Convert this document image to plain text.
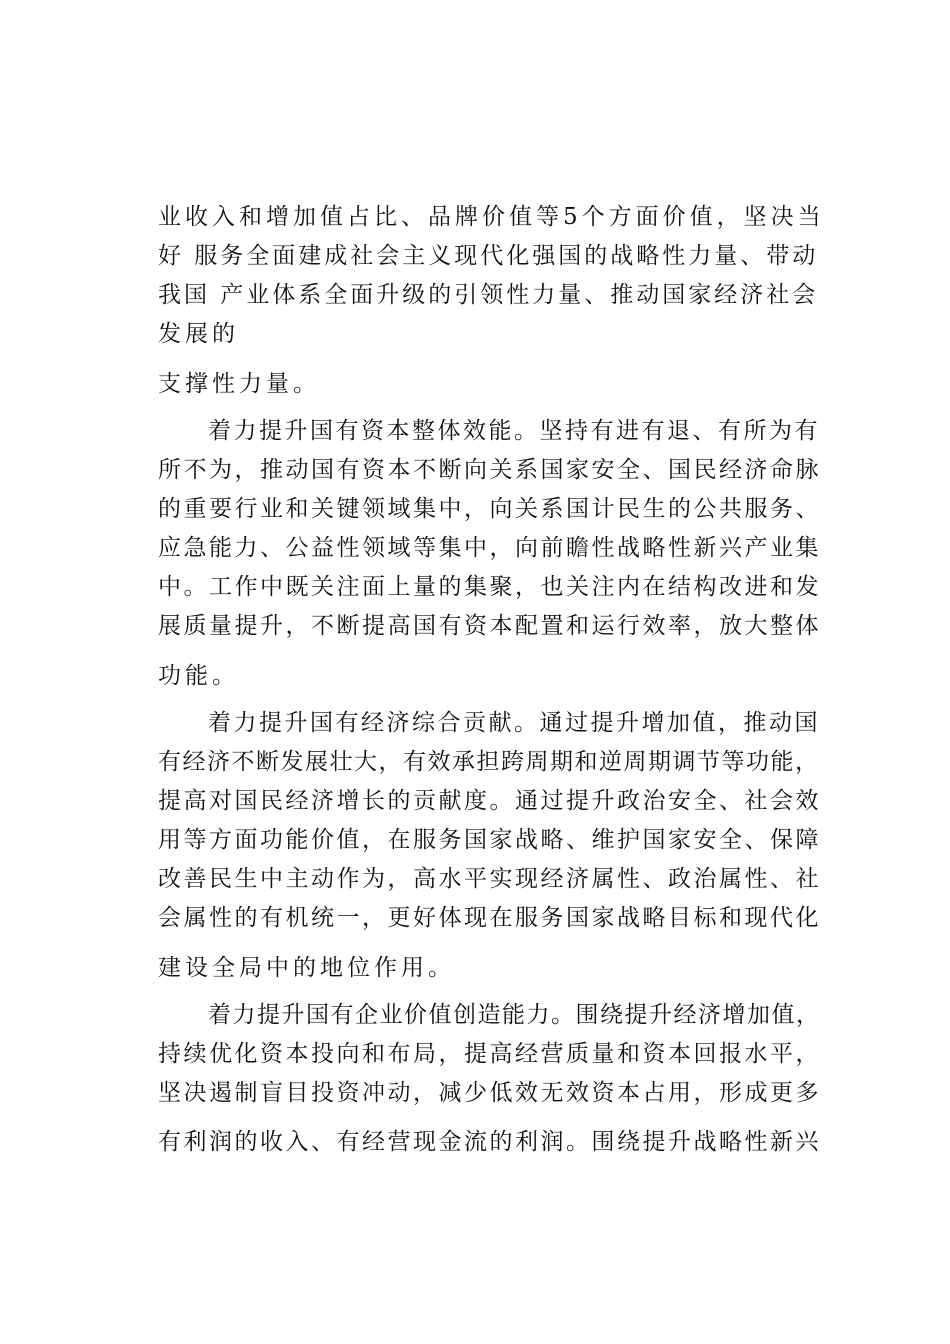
业收入和增加值占比、品牌价值等5个方面价值，坚决当
好 服务全面建成社会主义现代化强国的战略性力量、带动
我国 产业体系全面升级的引领性力量、推动国家经济社会
发展的
支撑性力量。
着力提升国有资本整体效能。坚持有进有退、有所为有
所不为，推动国有资本不断向关系国家安全、国民经济命脉
的重要行业和关键领域集中，向关系国计民生的公共服务、
应急能力、公益性领域等集中，向前瞻性战略性新兴产业集
中。工作中既关注面上量的集聚，也关注内在结构改进和发
展质量提升，不断提高国有资本配置和运行效率，放大整体
功能。
着力提升国有经济综合贡献。通过提升增加值，推动国
有经济不断发展壮大，有效承担跨周期和逆周期调节等功能，
提高对国民经济增长的贡献度。通过提升政治安全、社会效
用等方面功能价值，在服务国家战略、维护国家安全、保障
改善民生中主动作为，高水平实现经济属性、政治属性、社
会属性的有机统一，更好体现在服务国家战略目标和现代化
建设全局中的地位作用。
着力提升国有企业价值创造能力。围绕提升经济增加值，
持续优化资本投向和布局，提高经营质量和资本回报水平，
坚决遏制盲目投资冲动，减少低效无效资本占用，形成更多
有利润的收入、有经营现金流的利润。围绕提升战略性新兴
